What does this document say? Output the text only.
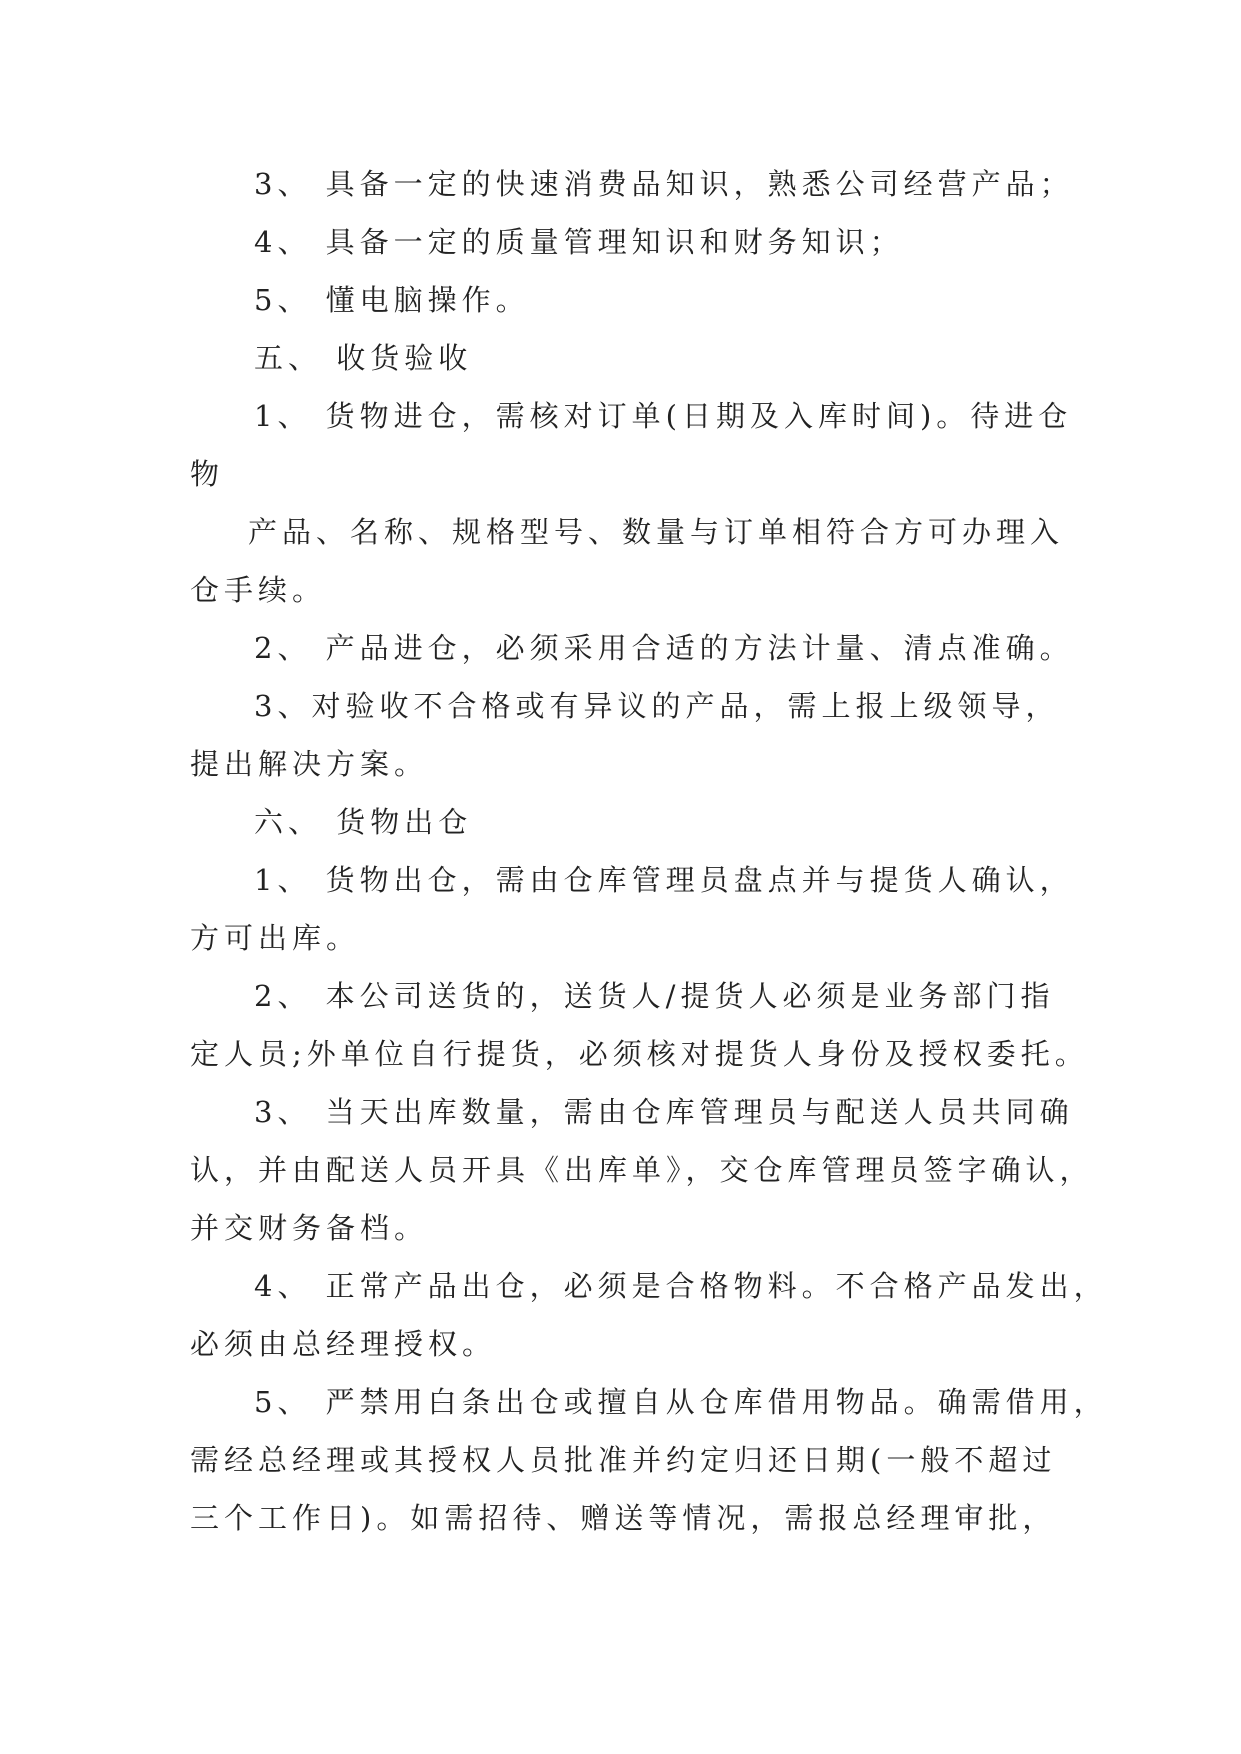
3、 具备一定的快速消费品知识，熟悉公司经营产品；
4、 具备一定的质量管理知识和财务知识；
5、 懂电脑操作。
五、 收货验收
1、 货物进仓，需核对订单(日期及入库时间)。待进仓
物
产品、名称、规格型号、数量与订单相符合方可办理入
仓手续。
2、 产品进仓，必须采用合适的方法计量、清点准确。
3、对验收不合格或有异议的产品，需上报上级领导，
提出解决方案。
六、 货物出仓
1、 货物出仓，需由仓库管理员盘点并与提货人确认，
方可出库。
2、 本公司送货的，送货人/提货人必须是业务部门指
定人员;外单位自行提货，必须核对提货人身份及授权委托。
3、 当天出库数量，需由仓库管理员与配送人员共同确
认，并由配送人员开具《出库单》，交仓库管理员签字确认，
并交财务备档。
4、 正常产品出仓，必须是合格物料。不合格产品发出，
必须由总经理授权。
5、 严禁用白条出仓或擅自从仓库借用物品。确需借用，
需经总经理或其授权人员批准并约定归还日期(一般不超过
三个工作日)。如需招待、赠送等情况，需报总经理审批，
